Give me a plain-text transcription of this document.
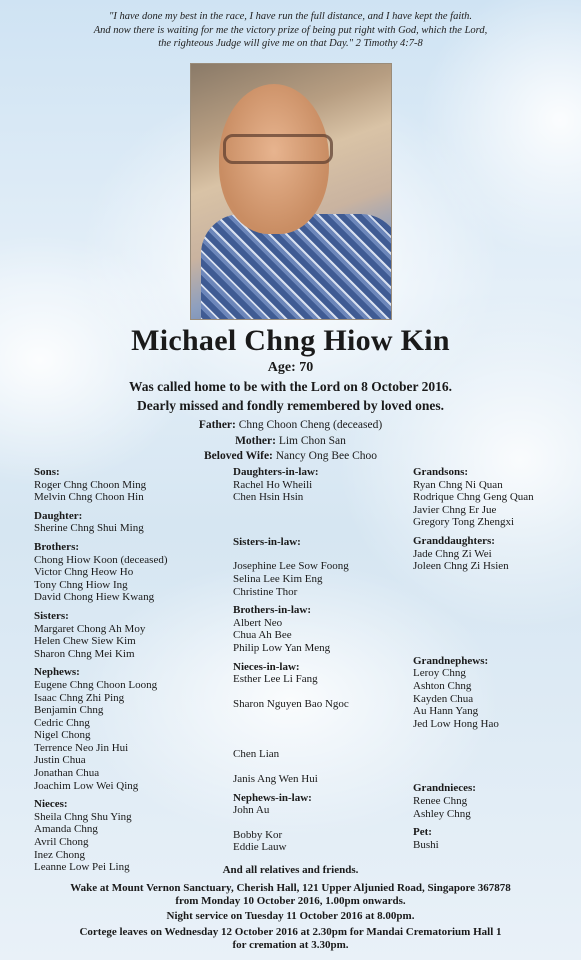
"I have done my best in the race, I have run the full distance, and I have kept the faith.
And now there is waiting for me the victory prize of being put right with God, which the Lord,
the righteous Judge will give me on that Day." 2 Timothy 4:7-8
Michael Chng Hiow Kin
Age: 70
Was called home to be with the Lord on 8 October 2016.
Dearly missed and fondly remembered by loved ones.
Father: Chng Choon Cheng (deceased)
Mother: Lim Chon San
Beloved Wife: Nancy Ong Bee Choo
Sons:
Roger Chng Choon Ming
Melvin Chng Choon Hin
Daughter:
Sherine Chng Shui Ming
Brothers:
Chong Hiow Koon (deceased)
Victor Chng Heow Ho
Tony Chng Hiow Ing
David Chong Hiew Kwang
Sisters:
Margaret Chong Ah Moy
Helen Chew Siew Kim
Sharon Chng Mei Kim
Nephews:
Eugene Chng Choon Loong
Isaac Chng Zhi Ping
Benjamin Chng
Cedric Chng
Nigel Chong
Terrence Neo Jin Hui
Justin Chua
Jonathan Chua
Joachim Low Wei Qing
Nieces:
Sheila Chng Shu Ying
Amanda Chng
Avril Chong
Inez Chong
Leanne Low Pei Ling
Daughters-in-law:
Rachel Ho Wheili
Chen Hsin Hsin
Sisters-in-law:
Josephine Lee Sow Foong
Selina Lee Kim Eng
Christine Thor
Brothers-in-law:
Albert Neo
Chua Ah Bee
Philip Low Yan Meng
Nieces-in-law:
Esther Lee Li Fang
Sharon Nguyen Bao Ngoc
Chen Lian
Janis Ang Wen Hui
Nephews-in-law:
John Au
Bobby Kor
Eddie Lauw
Grandsons:
Ryan Chng Ni Quan
Rodrique Chng Geng Quan
Javier Chng Er Jue
Gregory Tong Zhengxi
Granddaughters:
Jade Chng Zi Wei
Joleen Chng Zi Hsien
Grandnephews:
Leroy Chng
Ashton Chng
Kayden Chua
Au Hann Yang
Jed Low Hong Hao
Grandnieces:
Renee Chng
Ashley Chng
Pet:
Bushi
And all relatives and friends.
Wake at Mount Vernon Sanctuary, Cherish Hall, 121 Upper Aljunied Road, Singapore 367878
from Monday 10 October 2016, 1.00pm onwards.
Night service on Tuesday 11 October 2016 at 8.00pm.
Cortege leaves on Wednesday 12 October 2016 at 2.30pm for Mandai Crematorium Hall 1
for cremation at 3.30pm.
